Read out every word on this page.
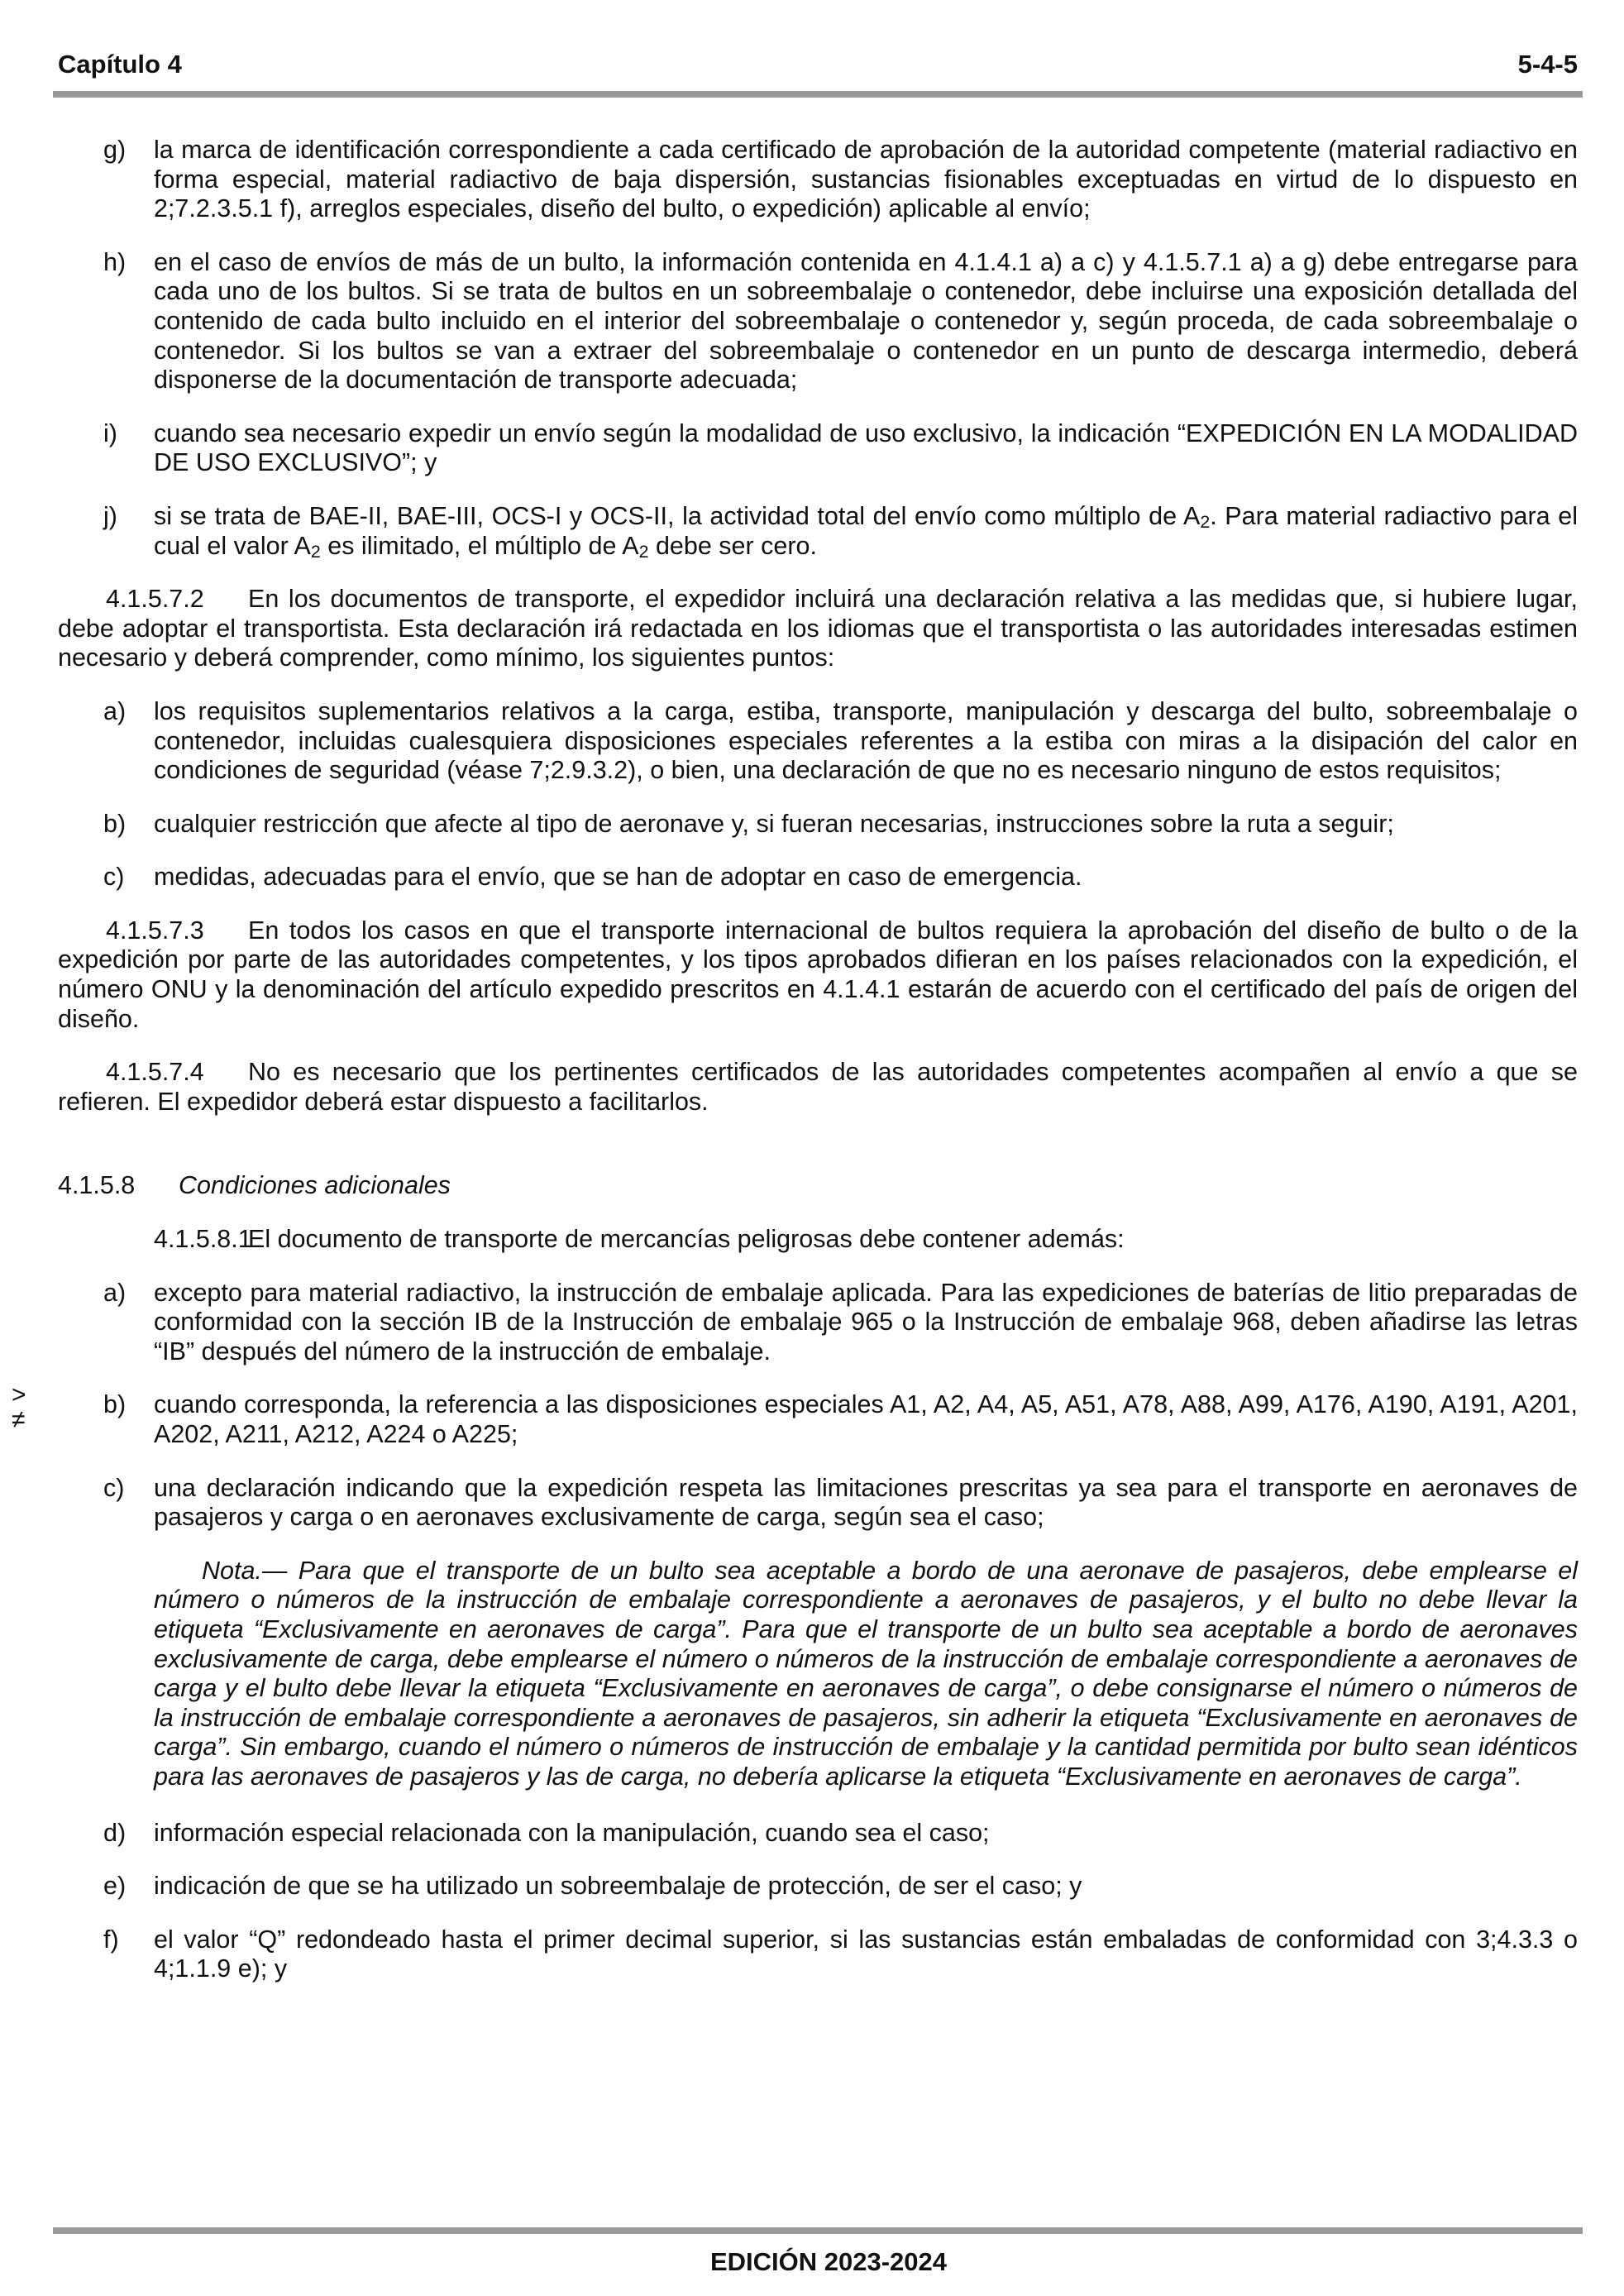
Capítulo 4	5-4-5
>
≠
g) la marca de identificación correspondiente a cada certificado de aprobación de la autoridad competente (material radiactivo en forma especial, material radiactivo de baja dispersión, sustancias fisionables exceptuadas en virtud de lo dispuesto en 2;7.2.3.5.1 f), arreglos especiales, diseño del bulto, o expedición) aplicable al envío;
h) en el caso de envíos de más de un bulto, la información contenida en 4.1.4.1 a) a c) y 4.1.5.7.1 a) a g) debe entregarse para cada uno de los bultos. Si se trata de bultos en un sobreembalaje o contenedor, debe incluirse una exposición detallada del contenido de cada bulto incluido en el interior del sobreembalaje o contenedor y, según proceda, de cada sobreembalaje o contenedor. Si los bultos se van a extraer del sobreembalaje o contenedor en un punto de descarga intermedio, deberá disponerse de la documentación de transporte adecuada;
i) cuando sea necesario expedir un envío según la modalidad de uso exclusivo, la indicación “EXPEDICIÓN EN LA MODALIDAD DE USO EXCLUSIVO”; y
j) si se trata de BAE-II, BAE-III, OCS-I y OCS-II, la actividad total del envío como múltiplo de $A_2$. Para material radiactivo para el cual el valor $A_2$ es ilimitado, el múltiplo de $A_2$ debe ser cero.
4.1.5.7.2 En los documentos de transporte, el expedidor incluirá una declaración relativa a las medidas que, si hubiere lugar, debe adoptar el transportista. Esta declaración irá redactada en los idiomas que el transportista o las autoridades interesadas estimen necesario y deberá comprender, como mínimo, los siguientes puntos:
a) los requisitos suplementarios relativos a la carga, estiba, transporte, manipulación y descarga del bulto, sobreembalaje o contenedor, incluidas cualesquiera disposiciones especiales referentes a la estiba con miras a la disipación del calor en condiciones de seguridad (véase 7;2.9.3.2), o bien, una declaración de que no es necesario ninguno de estos requisitos;
b) cualquier restricción que afecte al tipo de aeronave y, si fueran necesarias, instrucciones sobre la ruta a seguir;
c) medidas, adecuadas para el envío, que se han de adoptar en caso de emergencia.
4.1.5.7.3 En todos los casos en que el transporte internacional de bultos requiera la aprobación del diseño de bulto o de la expedición por parte de las autoridades competentes, y los tipos aprobados difieran en los países relacionados con la expedición, el número ONU y la denominación del artículo expedido prescritos en 4.1.4.1 estarán de acuerdo con el certificado del país de origen del diseño.
4.1.5.7.4 No es necesario que los pertinentes certificados de las autoridades competentes acompañen al envío a que se refieren. El expedidor deberá estar dispuesto a facilitarlos.
4.1.5.8 Condiciones adicionales
4.1.5.8.1El documento de transporte de mercancías peligrosas debe contener además:
a) excepto para material radiactivo, la instrucción de embalaje aplicada. Para las expediciones de baterías de litio preparadas de conformidad con la sección IB de la Instrucción de embalaje 965 o la Instrucción de embalaje 968, deben añadirse las letras “IB” después del número de la instrucción de embalaje.
b) cuando corresponda, la referencia a las disposiciones especiales A1, A2, A4, A5, A51, A78, A88, A99, A176, A190, A191, A201, A202, A211, A212, A224 o A225;
c) una declaración indicando que la expedición respeta las limitaciones prescritas ya sea para el transporte en aeronaves de pasajeros y carga o en aeronaves exclusivamente de carga, según sea el caso;
Nota.— Para que el transporte de un bulto sea aceptable a bordo de una aeronave de pasajeros, debe emplearse el número o números de la instrucción de embalaje correspondiente a aeronaves de pasajeros, y el bulto no debe llevar la etiqueta “Exclusivamente en aeronaves de carga”. Para que el transporte de un bulto sea aceptable a bordo de aeronaves exclusivamente de carga, debe emplearse el número o números de la instrucción de embalaje correspondiente a aeronaves de carga y el bulto debe llevar la etiqueta “Exclusivamente en aeronaves de carga”, o debe consignarse el número o números de la instrucción de embalaje correspondiente a aeronaves de pasajeros, sin adherir la etiqueta “Exclusivamente en aeronaves de carga”. Sin embargo, cuando el número o números de instrucción de embalaje y la cantidad permitida por bulto sean idénticos para las aeronaves de pasajeros y las de carga, no debería aplicarse la etiqueta “Exclusivamente en aeronaves de carga”.
d) información especial relacionada con la manipulación, cuando sea el caso;
e) indicación de que se ha utilizado un sobreembalaje de protección, de ser el caso; y
f) el valor “Q” redondeado hasta el primer decimal superior, si las sustancias están embaladas de conformidad con 3;4.3.3 o 4;1.1.9 e); y
EDICIÓN 2023-2024
